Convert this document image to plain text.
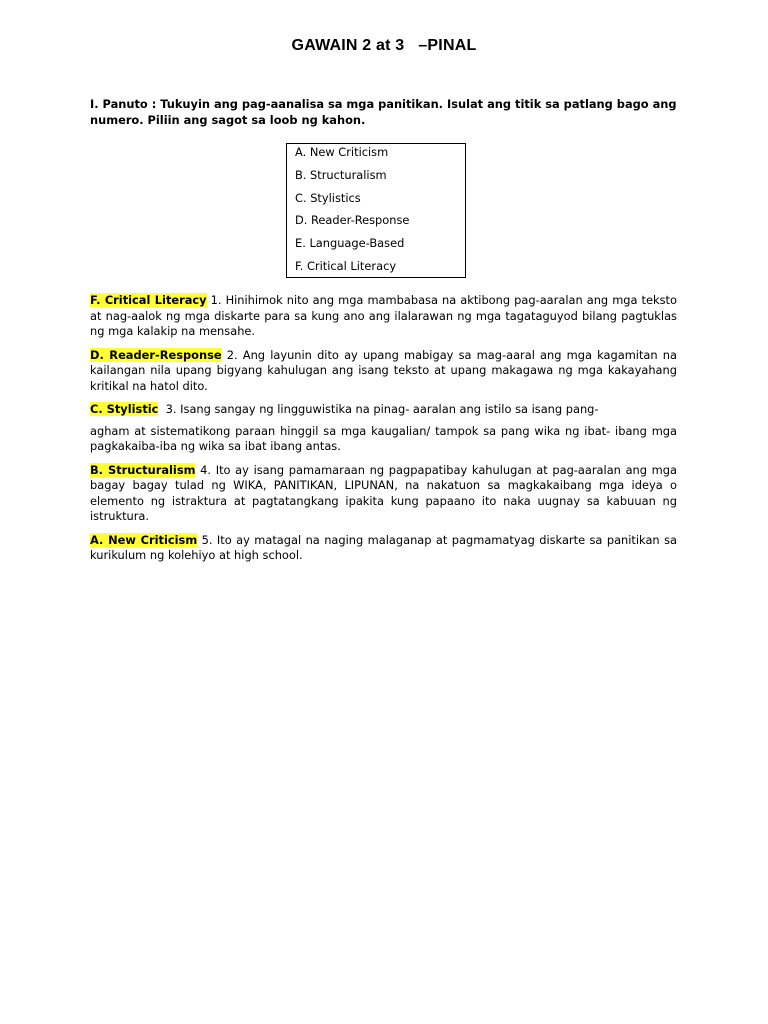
GAWAIN 2 at 3   –PINAL
I. Panuto : Tukuyin ang pag-aanalisa sa mga panitikan. Isulat ang titik sa patlang bago ang numero. Piliin ang sagot sa loob ng kahon.
A. New Criticism
B. Structuralism
C. Stylistics
D. Reader-Response
E. Language-Based
F. Critical Literacy

F. Critical Literacy 1. Hinihimok nito ang mga mambabasa na aktibong pag-aaralan ang mga teksto at nag-aalok ng mga diskarte para sa kung ano ang ilalarawan ng mga tagataguyod bilang pagtuklas ng mga kalakip na mensahe.

D. Reader-Response 2. Ang layunin dito ay upang mabigay sa mag-aaral ang mga kagamitan na kailangan nila upang bigyang kahulugan ang isang teksto at upang makagawa ng mga kakayahang kritikal na hatol dito.

C. Stylistic  3. Isang sangay ng lingguwistika na pinag- aaralan ang istilo sa isang pang-

agham at sistematikong paraan hinggil sa mga kaugalian/ tampok sa pang wika ng ibat- ibang mga pagkakaiba-iba ng wika sa ibat ibang antas.

B. Structuralism 4. Ito ay isang pamamaraan ng pagpapatibay kahulugan at pag-aaralan ang mga bagay bagay tulad ng WIKA, PANITIKAN, LIPUNAN, na nakatuon sa magkakaibang mga ideya o elemento ng istraktura at pagtatangkang ipakita kung papaano ito naka uugnay sa kabuuan ng istruktura.

A. New Criticism 5. Ito ay matagal na naging malaganap at pagmamatyag diskarte sa panitikan sa kurikulum ng kolehiyo at high school.
